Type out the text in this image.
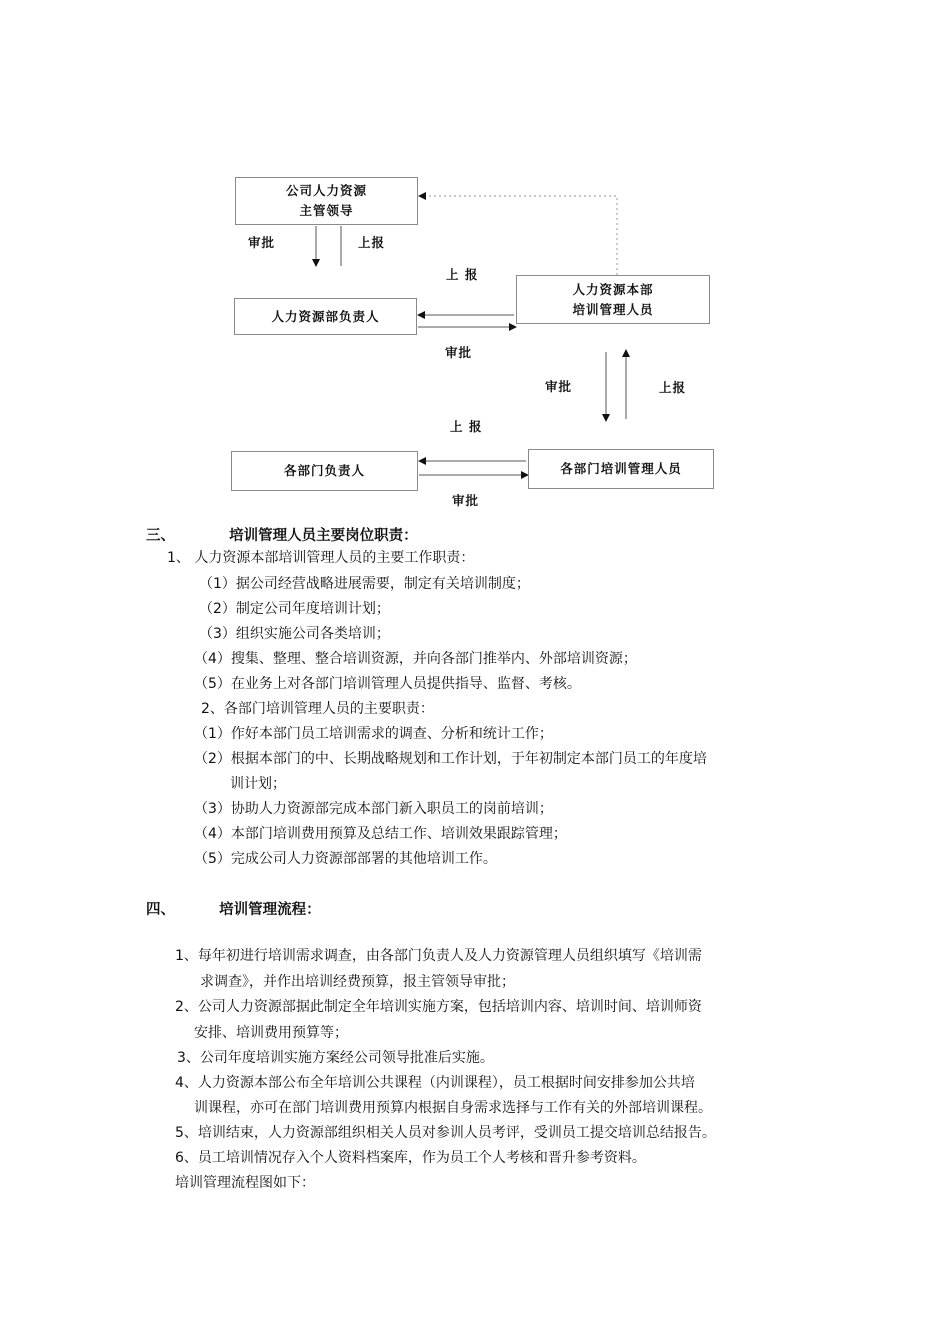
公司人力资源
主管领导
人力资源部负责人
人力资源本部
培训管理人员
各部门负责人	各部门培训管理人员
审批	上报
上 报
审批
审批	上报
上 报
审批
三、	培训管理人员主要岗位职责：
1、 人力资源本部培训管理人员的主要工作职责：
（1）据公司经营战略进展需要，制定有关培训制度；
（2）制定公司年度培训计划；
（3）组织实施公司各类培训；
（4）搜集、整理、整合培训资源，并向各部门推举内、外部培训资源；
（5）在业务上对各部门培训管理人员提供指导、监督、考核。
2、各部门培训管理人员的主要职责：
（1）作好本部门员工培训需求的调查、分析和统计工作；
（2）根据本部门的中、长期战略规划和工作计划，于年初制定本部门员工的年度培
训计划；
（3）协助人力资源部完成本部门新入职员工的岗前培训；
（4）本部门培训费用预算及总结工作、培训效果跟踪管理；
（5）完成公司人力资源部部署的其他培训工作。
四、	培训管理流程：
1、每年初进行培训需求调查，由各部门负责人及人力资源管理人员组织填写《培训需
求调查》，并作出培训经费预算，报主管领导审批；
2、公司人力资源部据此制定全年培训实施方案，包括培训内容、培训时间、培训师资
安排、培训费用预算等；
3、公司年度培训实施方案经公司领导批准后实施。
4、人力资源本部公布全年培训公共课程（内训课程），员工根据时间安排参加公共培
训课程，亦可在部门培训费用预算内根据自身需求选择与工作有关的外部培训课程。
5、培训结束，人力资源部组织相关人员对参训人员考评，受训员工提交培训总结报告。
6、员工培训情况存入个人资料档案库，作为员工个人考核和晋升参考资料。
培训管理流程图如下：
